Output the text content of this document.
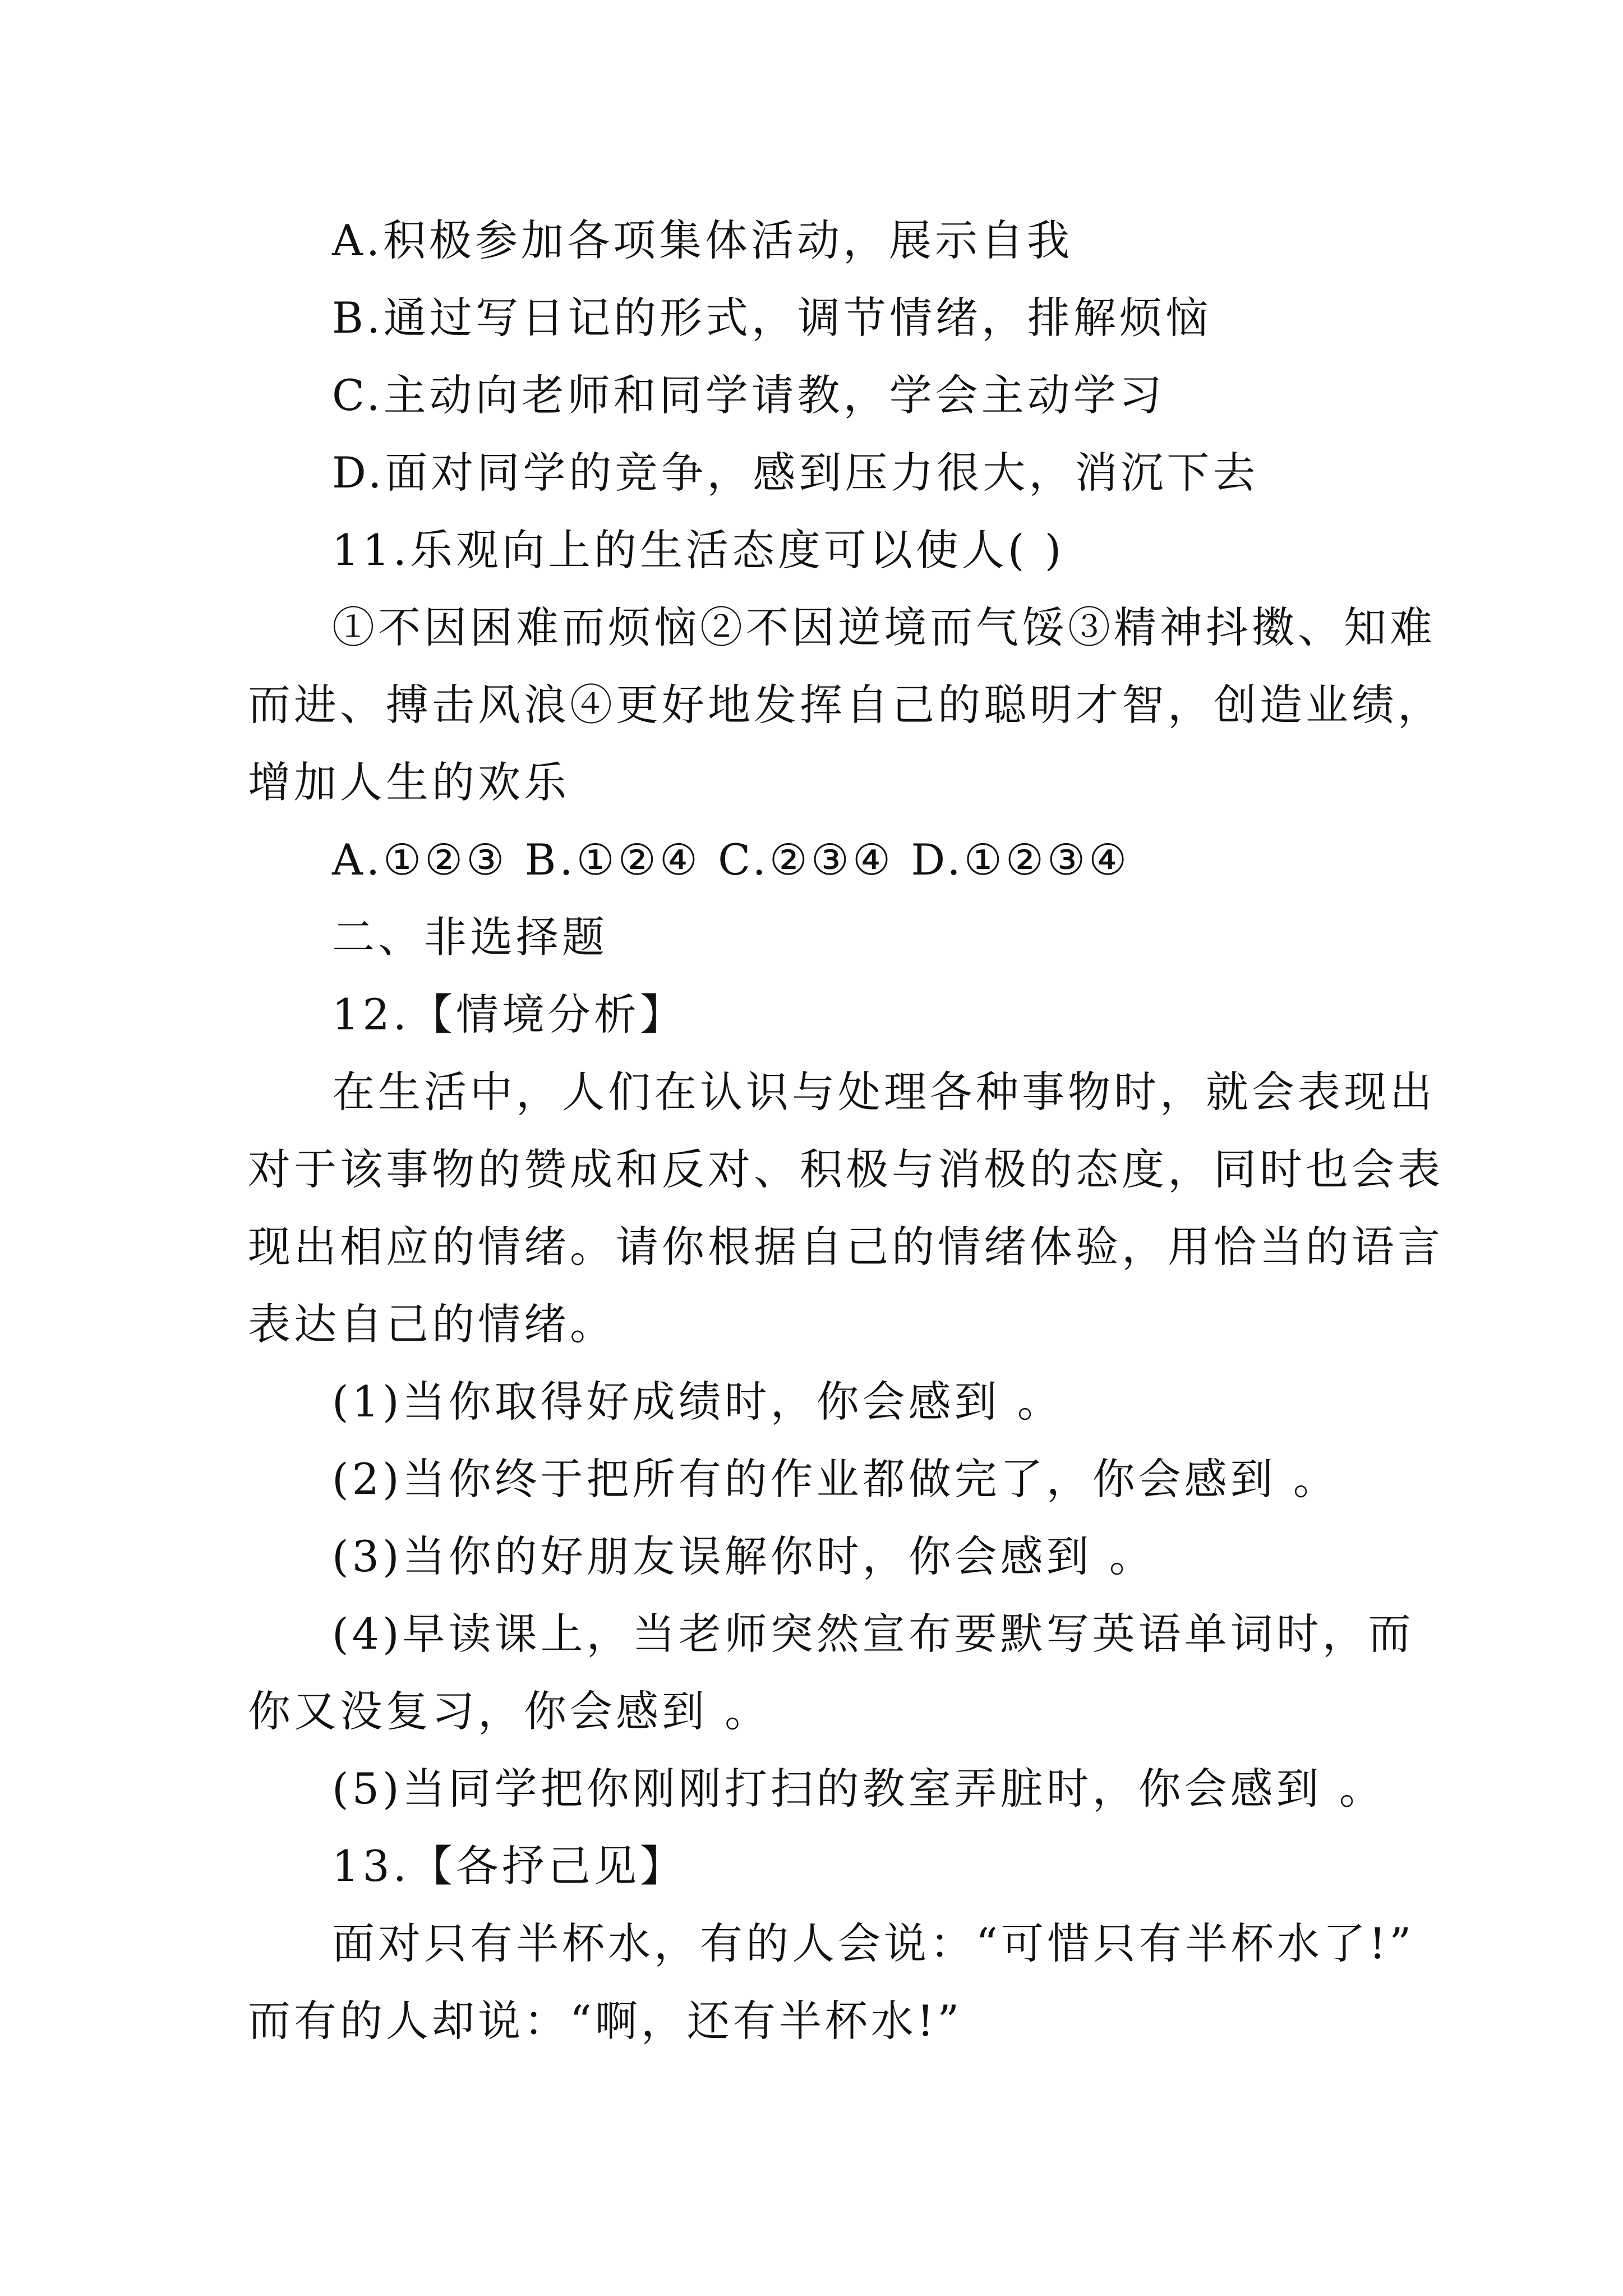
A.积极参加各项集体活动，展示自我
B.通过写日记的形式，调节情绪，排解烦恼
C.主动向老师和同学请教，学会主动学习
D.面对同学的竞争，感到压力很大，消沉下去
11.乐观向上的生活态度可以使人( )
①不因困难而烦恼②不因逆境而气馁③精神抖擞、知难
而进、搏击风浪④更好地发挥自己的聪明才智，创造业绩，
增加人生的欢乐
A.①②③ B.①②④ C.②③④ D.①②③④
二、非选择题
12.【情境分析】
在生活中，人们在认识与处理各种事物时，就会表现出
对于该事物的赞成和反对、积极与消极的态度，同时也会表
现出相应的情绪。请你根据自己的情绪体验，用恰当的语言
表达自己的情绪。
(1)当你取得好成绩时，你会感到 。
(2)当你终于把所有的作业都做完了，你会感到 。
(3)当你的好朋友误解你时，你会感到 。
(4)早读课上，当老师突然宣布要默写英语单词时，而
你又没复习，你会感到 。
(5)当同学把你刚刚打扫的教室弄脏时，你会感到 。
13.【各抒己见】
面对只有半杯水，有的人会说：“可惜只有半杯水了!”
而有的人却说：“啊，还有半杯水!”
